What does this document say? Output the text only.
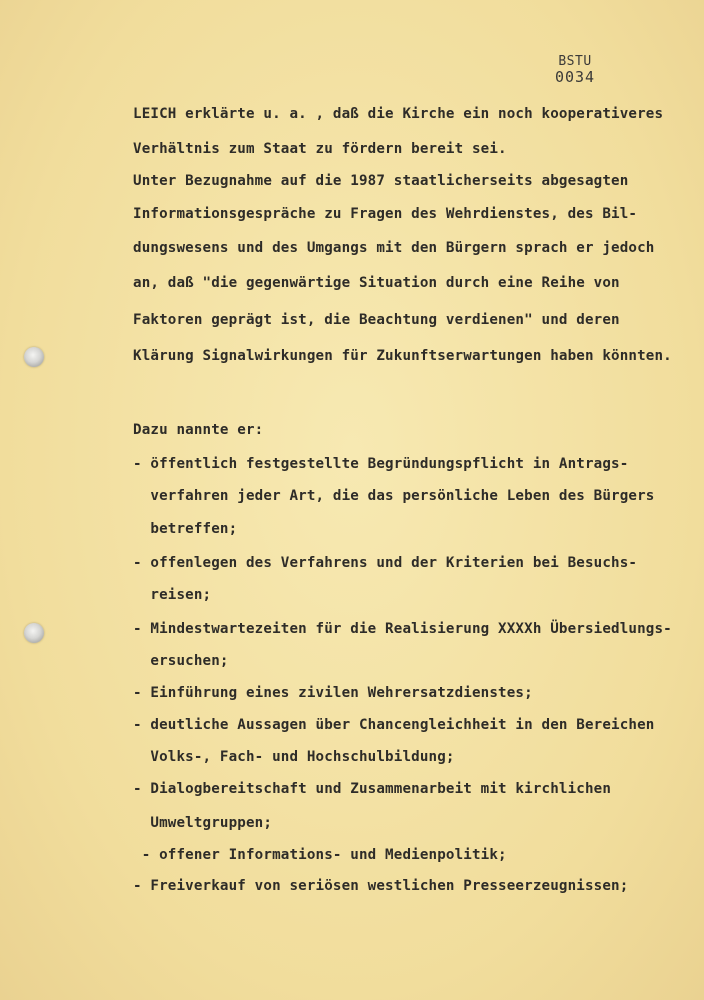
BSTU
0034
LEICH erklärte u. a. , daß die Kirche ein noch kooperativeres
Verhältnis zum Staat zu fördern bereit sei.
Unter Bezugnahme auf die 1987 staatlicherseits abgesagten
Informationsgespräche zu Fragen des Wehrdienstes, des Bil-
dungswesens und des Umgangs mit den Bürgern sprach er jedoch
an, daß "die gegenwärtige Situation durch eine Reihe von
Faktoren geprägt ist, die Beachtung verdienen" und deren
Klärung Signalwirkungen für Zukunftserwartungen haben könnten.
Dazu nannte er:
- öffentlich festgestellte Begründungspflicht in Antrags-
verfahren jeder Art, die das persönliche Leben des Bürgers
betreffen;
- offenlegen des Verfahrens und der Kriterien bei Besuchs-
reisen;
- Mindestwartezeiten für die Realisierung XXXXh Übersiedlungs-
ersuchen;
- Einführung eines zivilen Wehrersatzdienstes;
- deutliche Aussagen über Chancengleichheit in den Bereichen
Volks-, Fach- und Hochschulbildung;
- Dialogbereitschaft und Zusammenarbeit mit kirchlichen
Umweltgruppen;
- offener Informations- und Medienpolitik;
- Freiverkauf von seriösen westlichen Presseerzeugnissen;
